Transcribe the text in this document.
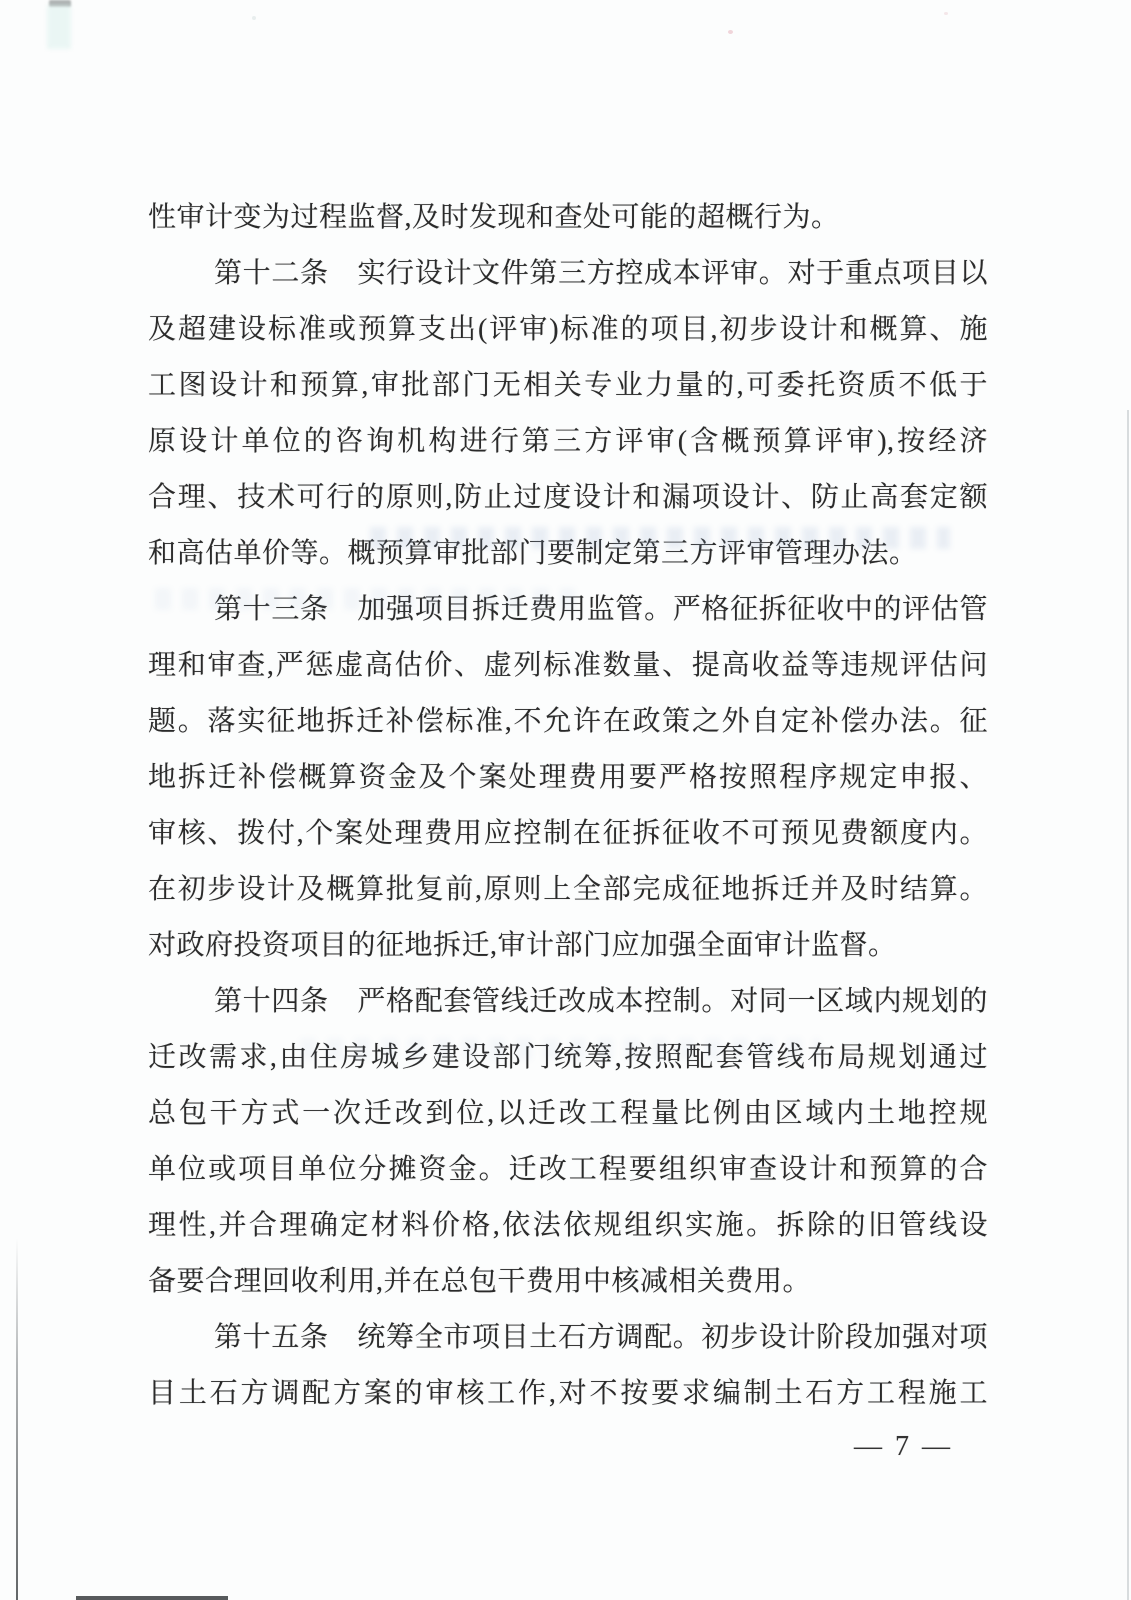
性审计变为过程监督,及时发现和查处可能的超概行为。
第十二条　实行设计文件第三方控成本评审。对于重点项目以
及超建设标准或预算支出(评审)标准的项目,初步设计和概算、施
工图设计和预算,审批部门无相关专业力量的,可委托资质不低于
原设计单位的咨询机构进行第三方评审(含概预算评审),按经济
合理、技术可行的原则,防止过度设计和漏项设计、防止高套定额
和高估单价等。概预算审批部门要制定第三方评审管理办法。
第十三条　加强项目拆迁费用监管。严格征拆征收中的评估管
理和审查,严惩虚高估价、虚列标准数量、提高收益等违规评估问
题。落实征地拆迁补偿标准,不允许在政策之外自定补偿办法。征
地拆迁补偿概算资金及个案处理费用要严格按照程序规定申报、
审核、拨付,个案处理费用应控制在征拆征收不可预见费额度内。
在初步设计及概算批复前,原则上全部完成征地拆迁并及时结算。
对政府投资项目的征地拆迁,审计部门应加强全面审计监督。
第十四条　严格配套管线迁改成本控制。对同一区域内规划的
迁改需求,由住房城乡建设部门统筹,按照配套管线布局规划通过
总包干方式一次迁改到位,以迁改工程量比例由区域内土地控规
单位或项目单位分摊资金。迁改工程要组织审查设计和预算的合
理性,并合理确定材料价格,依法依规组织实施。拆除的旧管线设
备要合理回收利用,并在总包干费用中核减相关费用。
第十五条　统筹全市项目土石方调配。初步设计阶段加强对项
目土石方调配方案的审核工作,对不按要求编制土石方工程施工
— 7 —
